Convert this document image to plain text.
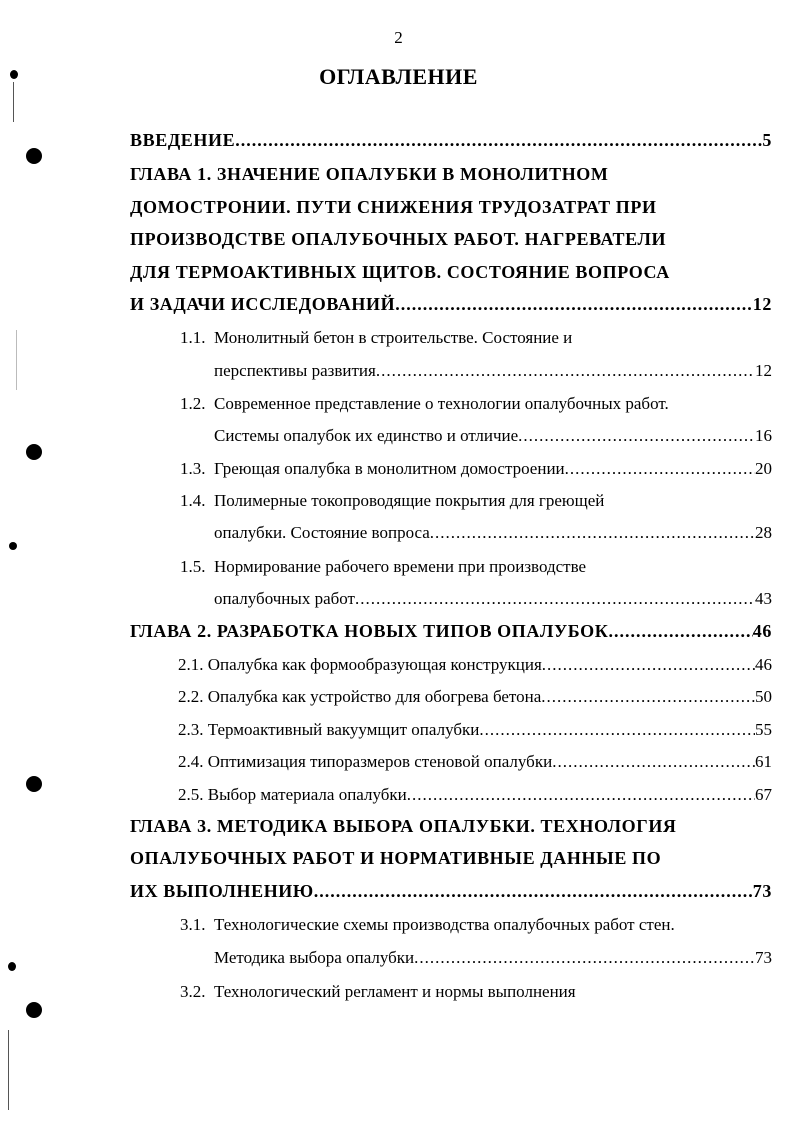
2
ОГЛАВЛЕНИЕ
ВВЕДЕНИЕ .....	5
ГЛАВА 1. ЗНАЧЕНИЕ ОПАЛУБКИ В МОНОЛИТНОМ
ДОМОСТРОНИИ. ПУТИ СНИЖЕНИЯ ТРУДОЗАТРАТ ПРИ
ПРОИЗВОДСТВЕ ОПАЛУБОЧНЫХ РАБОТ. НАГРЕВАТЕЛИ
ДЛЯ ТЕРМОАКТИВНЫХ ЩИТОВ. СОСТОЯНИЕ ВОПРОСА
И ЗАДАЧИ ИССЛЕДОВАНИЙ .....	12
1.1. Монолитный бетон в строительстве. Состояние и
перспективы развития .....	12
1.2. Современное представление о технологии опалубочных работ.
Системы опалубок их единство и отличие .....	16
1.3. Греющая опалубка в монолитном домостроении .....	20
1.4. Полимерные токопроводящие покрытия для греющей
опалубки. Состояние вопроса .....	28
1.5. Нормирование рабочего времени при производстве
опалубочных работ .....	43
ГЛАВА 2. РАЗРАБОТКА НОВЫХ ТИПОВ ОПАЛУБОК .....	46
2.1. Опалубка как формообразующая конструкция .....	46
2.2. Опалубка как устройство для обогрева бетона .....	50
2.3. Термоактивный вакуумщит опалубки .....	55
2.4. Оптимизация типоразмеров стеновой опалубки .....	61
2.5. Выбор материала опалубки .....	67
ГЛАВА 3. МЕТОДИКА ВЫБОРА ОПАЛУБКИ. ТЕХНОЛОГИЯ
ОПАЛУБОЧНЫХ РАБОТ И НОРМАТИВНЫЕ ДАННЫЕ ПО
ИХ ВЫПОЛНЕНИЮ .....	73
3.1. Технологические схемы производства опалубочных работ стен.
Методика выбора опалубки .....	73
3.2. Технологический регламент и нормы выполнения
